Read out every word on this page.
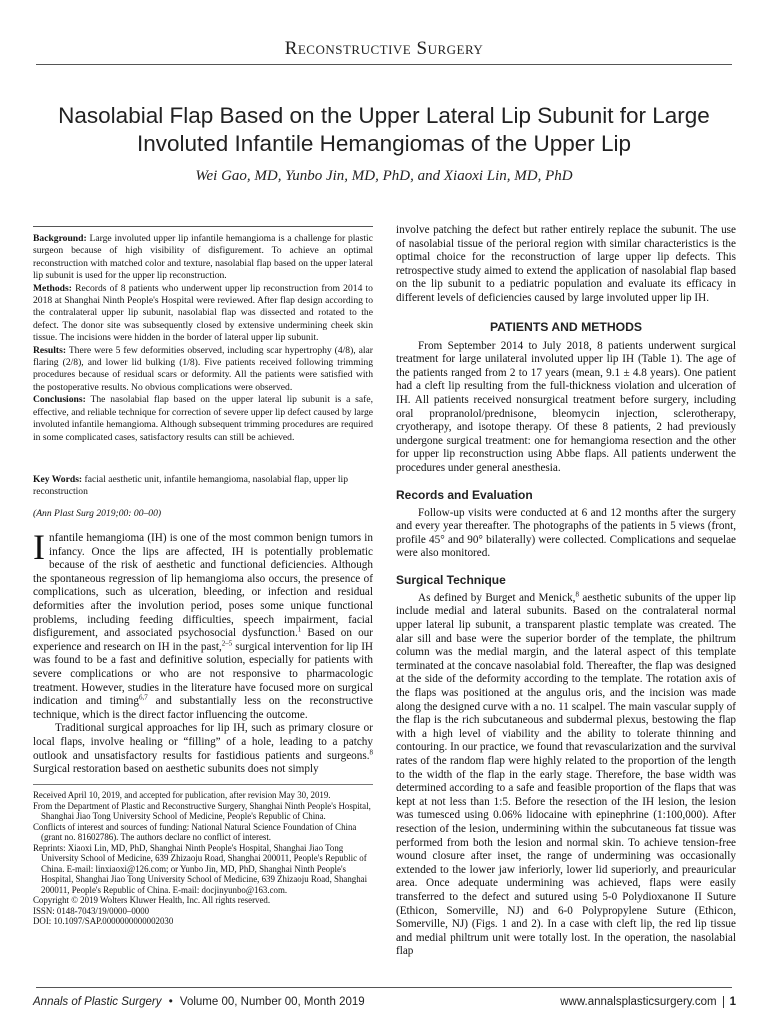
Reconstructive Surgery
Nasolabial Flap Based on the Upper Lateral Lip Subunit for Large
Involuted Infantile Hemangiomas of the Upper Lip
Wei Gao, MD, Yunbo Jin, MD, PhD, and Xiaoxi Lin, MD, PhD

Background: Large involuted upper lip infantile hemangioma is a challenge for plastic surgeon because of high visibility of disfigurement. To achieve an optimal reconstruction with matched color and texture, nasolabial flap based on the upper lateral lip subunit is used for the upper lip reconstruction.

Methods: Records of 8 patients who underwent upper lip reconstruction from 2014 to 2018 at Shanghai Ninth People's Hospital were reviewed. After flap design according to the contralateral upper lip subunit, nasolabial flap was dissected and rotated to the defect. The donor site was subsequently closed by extensive undermining cheek skin tissue. The incisions were hidden in the border of lateral upper lip subunit.

Results: There were 5 few deformities observed, including scar hypertrophy (4/8), alar flaring (2/8), and lower lid bulking (1/8). Five patients received following trimming procedures because of residual scars or deformity. All the patients were satisfied with the postoperative results. No obvious complications were observed.

Conclusions: The nasolabial flap based on the upper lateral lip subunit is a safe, effective, and reliable technique for correction of severe upper lip defect caused by large involuted infantile hemangioma. Although subsequent trimming procedures are required in some complicated cases, satisfactory results can still be achieved.

Key Words: facial aesthetic unit, infantile hemangioma, nasolabial flap, upper lip reconstruction
(Ann Plast Surg 2019;00: 00–00)

Infantile hemangioma (IH) is one of the most common benign tumors in infancy. Once the lips are affected, IH is potentially problematic because of the risk of aesthetic and functional deficiencies. Although the spontaneous regression of lip hemangioma also occurs, the presence of complications, such as ulceration, bleeding, or infection and residual deformities after the involution period, poses some unique functional problems, including feeding difficulties, speech impairment, facial disfigurement, and associated psychosocial dysfunction.$^1$ Based on our experience and research on IH in the past,$^{2-5}$ surgical intervention for lip IH was found to be a fast and definitive solution, especially for patients with severe complications or who are not responsive to pharmacologic treatment. However, studies in the literature have focused more on surgical indication and timing$^{6,7}$ and substantially less on the reconstructive technique, which is the direct factor influencing the outcome.

Traditional surgical approaches for lip IH, such as primary closure or local flaps, involve healing or “filling” of a hole, leading to a patchy outlook and unsatisfactory results for fastidious patients and surgeons.$^8$ Surgical restoration based on aesthetic subunits does not simply

Received April 10, 2019, and accepted for publication, after revision May 30, 2019.

From the Department of Plastic and Reconstructive Surgery, Shanghai Ninth People's Hospital, Shanghai Jiao Tong University School of Medicine, People's Republic of China.

Conflicts of interest and sources of funding: National Natural Science Foundation of China (grant no. 81602786). The authors declare no conflict of interest.

Reprints: Xiaoxi Lin, MD, PhD, Shanghai Ninth People's Hospital, Shanghai Jiao Tong University School of Medicine, 639 Zhizaoju Road, Shanghai 200011, People's Republic of China. E-mail: linxiaoxi@126.com; or Yunbo Jin, MD, PhD, Shanghai Ninth People's Hospital, Shanghai Jiao Tong University School of Medicine, 639 Zhizaoju Road, Shanghai 200011, People's Republic of China. E-mail: docjinyunbo@163.com.

Copyright © 2019 Wolters Kluwer Health, Inc. All rights reserved.

ISSN: 0148-7043/19/0000–0000

DOI: 10.1097/SAP.0000000000002030

involve patching the defect but rather entirely replace the subunit. The use of nasolabial tissue of the perioral region with similar characteristics is the optimal choice for the reconstruction of large upper lip defects. This retrospective study aimed to extend the application of nasolabial flap based on the lip subunit to a pediatric population and evaluate its efficacy in different levels of deficiencies caused by large involuted upper lip IH.

PATIENTS AND METHODS

From September 2014 to July 2018, 8 patients underwent surgical treatment for large unilateral involuted upper lip IH (Table 1). The age of the patients ranged from 2 to 17 years (mean, 9.1 ± 4.8 years). One patient had a cleft lip resulting from the full-thickness violation and ulceration of IH. All patients received nonsurgical treatment before surgery, including oral propranolol/prednisone, bleomycin injection, sclerotherapy, cryotherapy, and isotope therapy. Of these 8 patients, 2 had previously undergone surgical treatment: one for hemangioma resection and the other for upper lip reconstruction using Abbe flaps. All patients underwent the procedures under general anesthesia.

Records and Evaluation

Follow-up visits were conducted at 6 and 12 months after the surgery and every year thereafter. The photographs of the patients in 5 views (front, profile 45° and 90° bilaterally) were collected. Complications and sequelae were also monitored.

Surgical Technique

As defined by Burget and Menick,$^8$ aesthetic subunits of the upper lip include medial and lateral subunits. Based on the contralateral normal upper lateral lip subunit, a transparent plastic template was created. The alar sill and base were the superior border of the template, the philtrum column was the medial margin, and the lateral aspect of this template terminated at the concave nasolabial fold. Thereafter, the flap was designed at the side of the deformity according to the template. The rotation axis of the flaps was positioned at the angulus oris, and the incision was made along the designed curve with a no. 11 scalpel. The main vascular supply of the flap is the rich subcutaneous and subdermal plexus, bestowing the flap with a high level of viability and the ability to tolerate thinning and contouring. In our practice, we found that revascularization and the survival rates of the random flap were highly related to the proportion of the length to the width of the flap in the early stage. Therefore, the base width was determined according to a safe and feasible proportion of the flaps that was kept at not less than 1:5. Before the resection of the IH lesion, the lesion was tumesced using 0.06% lidocaine with epinephrine (1:100,000). After resection of the lesion, undermining within the subcutaneous fat tissue was performed from both the lesion and normal skin. To achieve tension-free wound closure after inset, the range of undermining was occasionally extended to the lower jaw inferiorly, lower lid superiorly, and preauricular area. Once adequate undermining was achieved, flaps were easily transferred to the defect and sutured using 5-0 Polydioxanone II Suture (Ethicon, Somerville, NJ) and 6-0 Polypropylene Suture (Ethicon, Somerville, NJ) (Figs. 1 and 2). In a case with cleft lip, the red lip tissue and medial philtrum unit were totally lost. In the operation, the nasolabial flap

Annals of Plastic Surgery • Volume 00, Number 00, Month 2019	www.annalsplasticsurgery.com 1
